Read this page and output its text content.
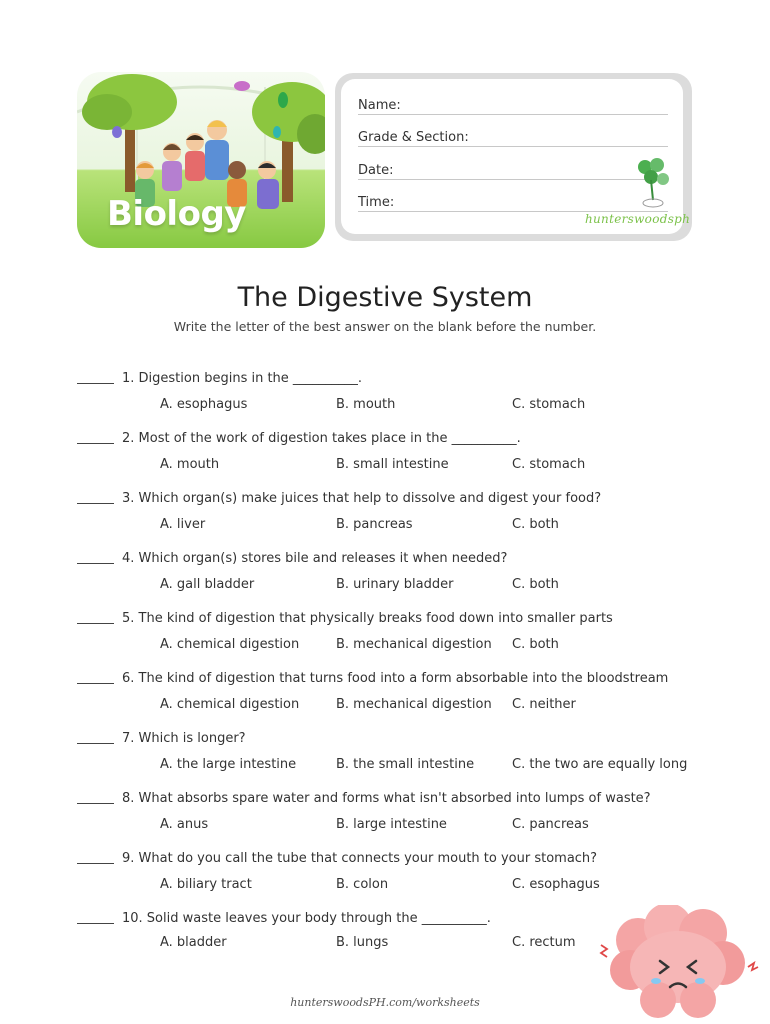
Biology
Name:
Grade & Section:
Date:
Time:
hunterswoodsph
The Digestive System
Write the letter of the best answer on the blank before the number.
1. Digestion begins in the __________.
A. esophagus	B. mouth	C. stomach
2. Most of the work of digestion takes place in the __________.
A. mouth	B. small intestine	C. stomach
3. Which organ(s) make juices that help to dissolve and digest your food?
A. liver	B. pancreas	C. both
4. Which organ(s) stores bile and releases it when needed?
A. gall bladder	B. urinary bladder	C. both
5. The kind of digestion that physically breaks food down into smaller parts
A. chemical digestion	B. mechanical digestion C. both
6. The kind of digestion that turns food into a form absorbable into the bloodstream
A. chemical digestion	B. mechanical digestion C. neither
7. Which is longer?
A. the large intestine	B. the small intestine	C. the two are equally long
8. What absorbs spare water and forms what isn't absorbed into lumps of waste?
A. anus	B. large intestine	C. pancreas
9. What do you call the tube that connects your mouth to your stomach?
A. biliary tract	B. colon	C. esophagus
10. Solid waste leaves your body through the __________.
A. bladder	B. lungs	C. rectum
hunterswoodsPH.com/worksheets
